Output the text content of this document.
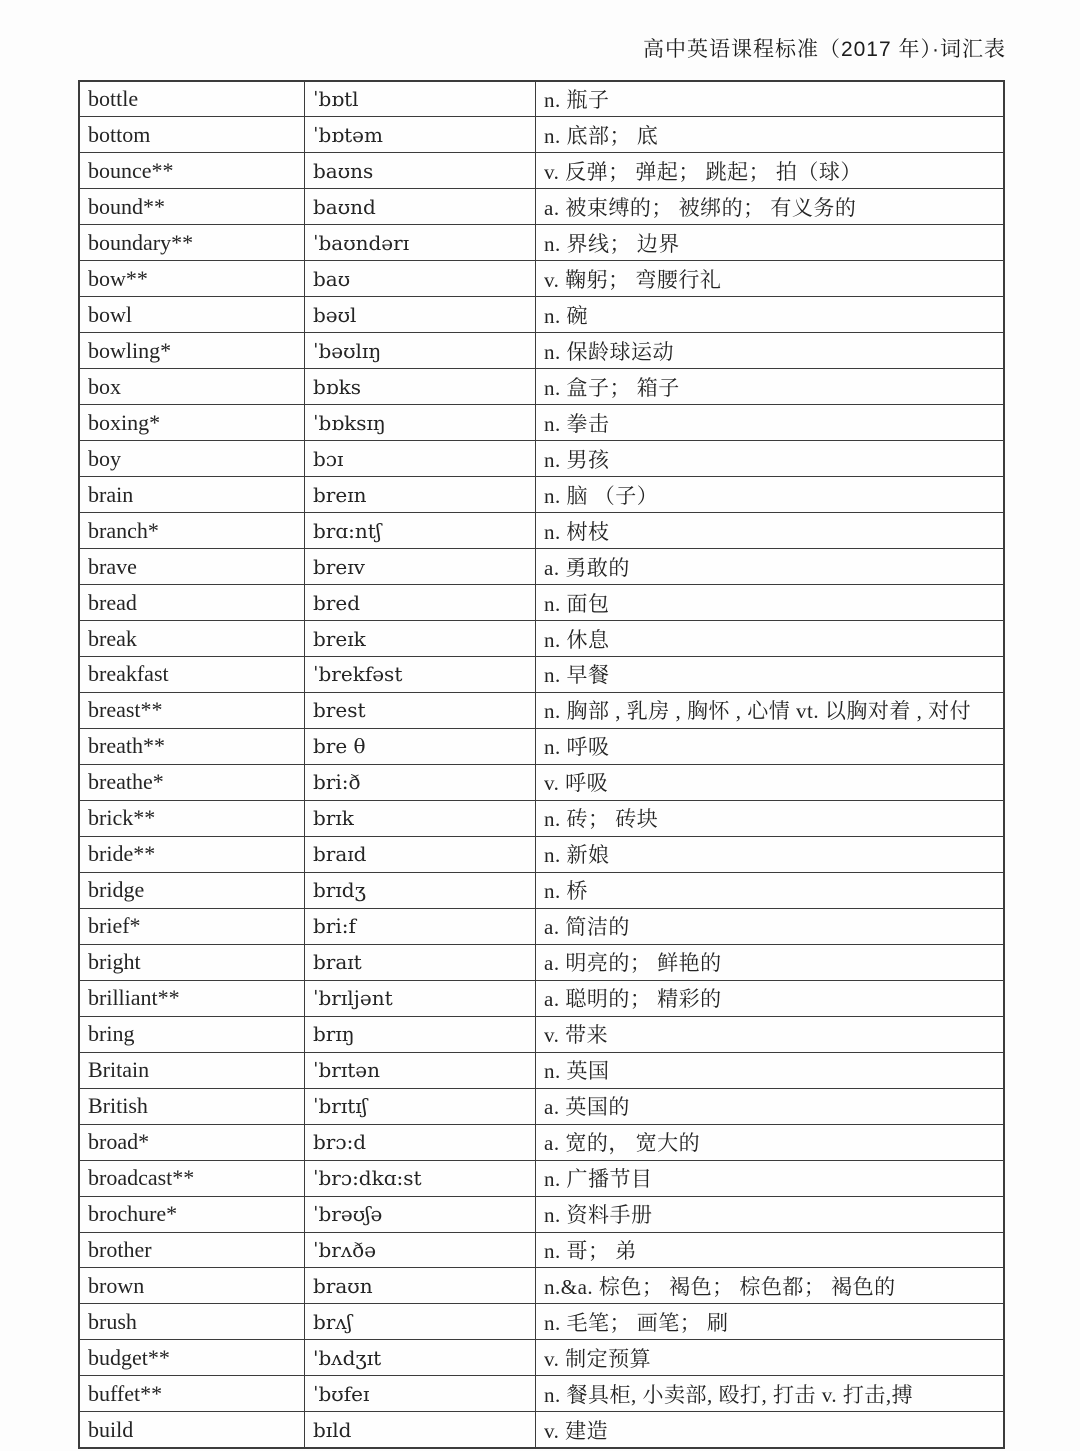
高中英语课程标准（2017 年）·词汇表
bottle	ˈbɒtl	n. 瓶子
bottom	ˈbɒtəm	n. 底部； 底
bounce**	baʊns	v. 反弹； 弹起； 跳起； 拍（球）
bound**	baʊnd	a. 被束缚的； 被绑的； 有义务的
boundary**	ˈbaʊndərɪ	n. 界线； 边界
bow**	baʊ	v. 鞠躬； 弯腰行礼
bowl	bəʊl	n. 碗
bowling*	ˈbəʊlɪŋ	n. 保龄球运动
box	bɒks	n. 盒子； 箱子
boxing*	ˈbɒksɪŋ	n. 拳击
boy	bɔɪ	n. 男孩
brain	breɪn	n. 脑 （子）
branch*	brɑ:ntʃ	n. 树枝
brave	breɪv	a. 勇敢的
bread	bred	n. 面包
break	breɪk	n. 休息
breakfast	ˈbrekfəst	n. 早餐
breast**	brest	n. 胸部 , 乳房 , 胸怀 , 心情 vt. 以胸对着 , 对付
breath**	bre θ	n. 呼吸
breathe*	bri:ð	v. 呼吸
brick**	brɪk	n. 砖； 砖块
bride**	braɪd	n. 新娘
bridge	brɪdʒ	n. 桥
brief*	bri:f	a. 简洁的
bright	braɪt	a. 明亮的； 鲜艳的
brilliant**	ˈbrɪljənt	a. 聪明的； 精彩的
bring	brɪŋ	v. 带来
Britain	ˈbrɪtən	n. 英国
British	ˈbrɪtɪʃ	a. 英国的
broad*	brɔ:d	a. 宽的， 宽大的
broadcast**	ˈbrɔ:dkɑ:st	n. 广播节目
brochure*	ˈbrəʊʃə	n. 资料手册
brother	ˈbrʌðə	n. 哥； 弟
brown	braʊn	n.&a. 棕色； 褐色； 棕色都； 褐色的
brush	brʌʃ	n. 毛笔； 画笔； 刷
budget**	'bʌdʒɪt	v. 制定预算
buffet**	ˈbʊfeɪ	n. 餐具柜, 小卖部, 殴打, 打击 v. 打击,搏
build	bɪld	v. 建造
